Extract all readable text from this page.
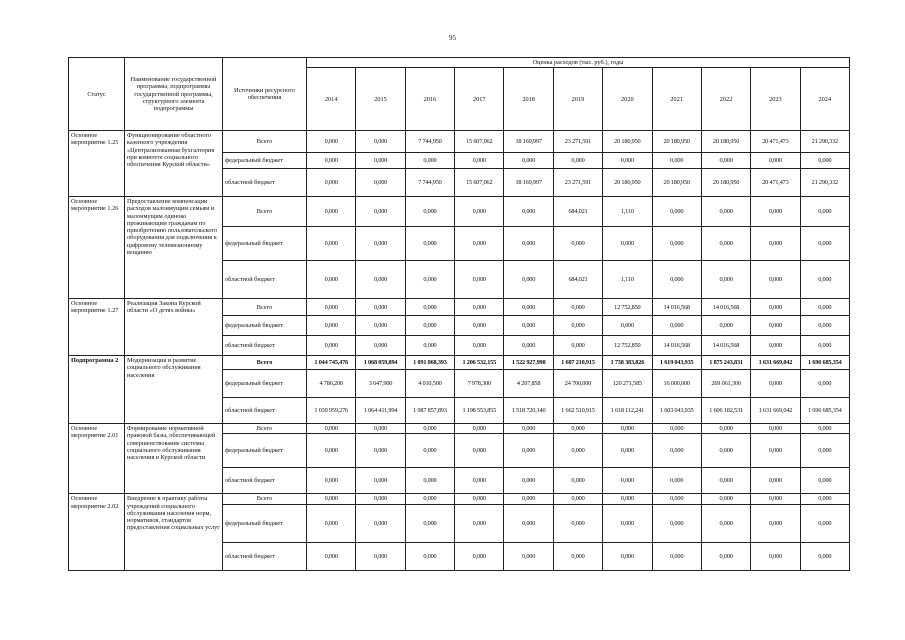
95
Статус	Наименование государственной программы, подпрограммы государственной программы, структурного элемента подпрограммы	Источники ресурсного обеспечения	Оценка расходов (тыс. руб.), годы										
			2014	2015	2016	2017	2018	2019	2020	2021	2022	2023	2024
Основное мероприятие 1.25	Функционирование областного казенного учреждения «Централизованная бухгалтерия при комитете социального обеспечения Курской области»	Всего	0,000	0,000	7 744,950	15 607,062	18 169,997	23 271,591	20 180,950	20 180,950	20 180,950	20 471,473	21 290,332
		федеральный бюджет	0,000	0,000	0,000	0,000	0,000	0,000	0,000	0,000	0,000	0,000	0,000
		областной бюджет	0,000	0,000	7 744,950	15 607,062	18 169,997	23 271,591	20 180,950	20 180,950	20 180,950	20 471,473	21 290,332
Основное мероприятие 1.26	Предоставление компенсации расходов малоимущим семьям и малоимущим одиноко проживающим гражданам по приобретению пользовательского оборудования для подключения к цифровому телевизионному вещанию	Всего	0,000	0,000	0,000	0,000	0,000	684,021	1,110	0,000	0,000	0,000	0,000
		федеральный бюджет	0,000	0,000	0,000	0,000	0,000	0,000	0,000	0,000	0,000	0,000	0,000
		областной бюджет	0,000	0,000	0,000	0,000	0,000	684,021	1,110	0,000	0,000	0,000	0,000
Основное мероприятие 1.27	Реализация Закона Курской области «О детях войны»	Всего	0,000	0,000	0,000	0,000	0,000	0,000	12 752,850	14 016,568	14 016,568	0,000	0,000
		федеральный бюджет	0,000	0,000	0,000	0,000	0,000	0,000	0,000	0,000	0,000	0,000	0,000
		областной бюджет	0,000	0,000	0,000	0,000	0,000	0,000	12 752,850	14 016,568	14 016,568	0,000	0,000
Подпрограмма 2	Модернизация и развитие социального обслуживания населения	Всего	1 044 745,476	1 068 059,894	1 091 868,393	1 206 532,155	1 522 927,998	1 687 210,915	1 738 383,826	1 619 043,935	1 875 243,831	1 631 669,042	1 696 685,354
		федеральный бюджет	4 786,200	3 647,900	4 010,500	7 978,300	4 207,858	24 700,000	120 271,585	16 000,000	269 061,300	0,000	0,000
		областной бюджет	1 039 959,276	1 064 411,994	1 087 857,893	1 198 553,855	1 518 720,140	1 662 510,915	1 618 112,241	1 603 043,935	1 606 182,531	1 631 669,042	1 696 685,354
Основное мероприятие 2.01	Формирование нормативной правовой базы, обеспечивающей совершенствование системы социального обслуживания населения в Курской области	Всего	0,000	0,000	0,000	0,000	0,000	0,000	0,000	0,000	0,000	0,000	0,000
		федеральный бюджет	0,000	0,000	0,000	0,000	0,000	0,000	0,000	0,000	0,000	0,000	0,000
		областной бюджет	0,000	0,000	0,000	0,000	0,000	0,000	0,000	0,000	0,000	0,000	0,000
Основное мероприятие 2.02	Внедрение в практику работы учреждений социального обслуживания населения норм, нормативов, стандартов предоставления социальных услуг	Всего	0,000	0,000	0,000	0,000	0,000	0,000	0,000	0,000	0,000	0,000	0,000
		федеральный бюджет	0,000	0,000	0,000	0,000	0,000	0,000	0,000	0,000	0,000	0,000	0,000
		областной бюджет	0,000	0,000	0,000	0,000	0,000	0,000	0,000	0,000	0,000	0,000	0,000
